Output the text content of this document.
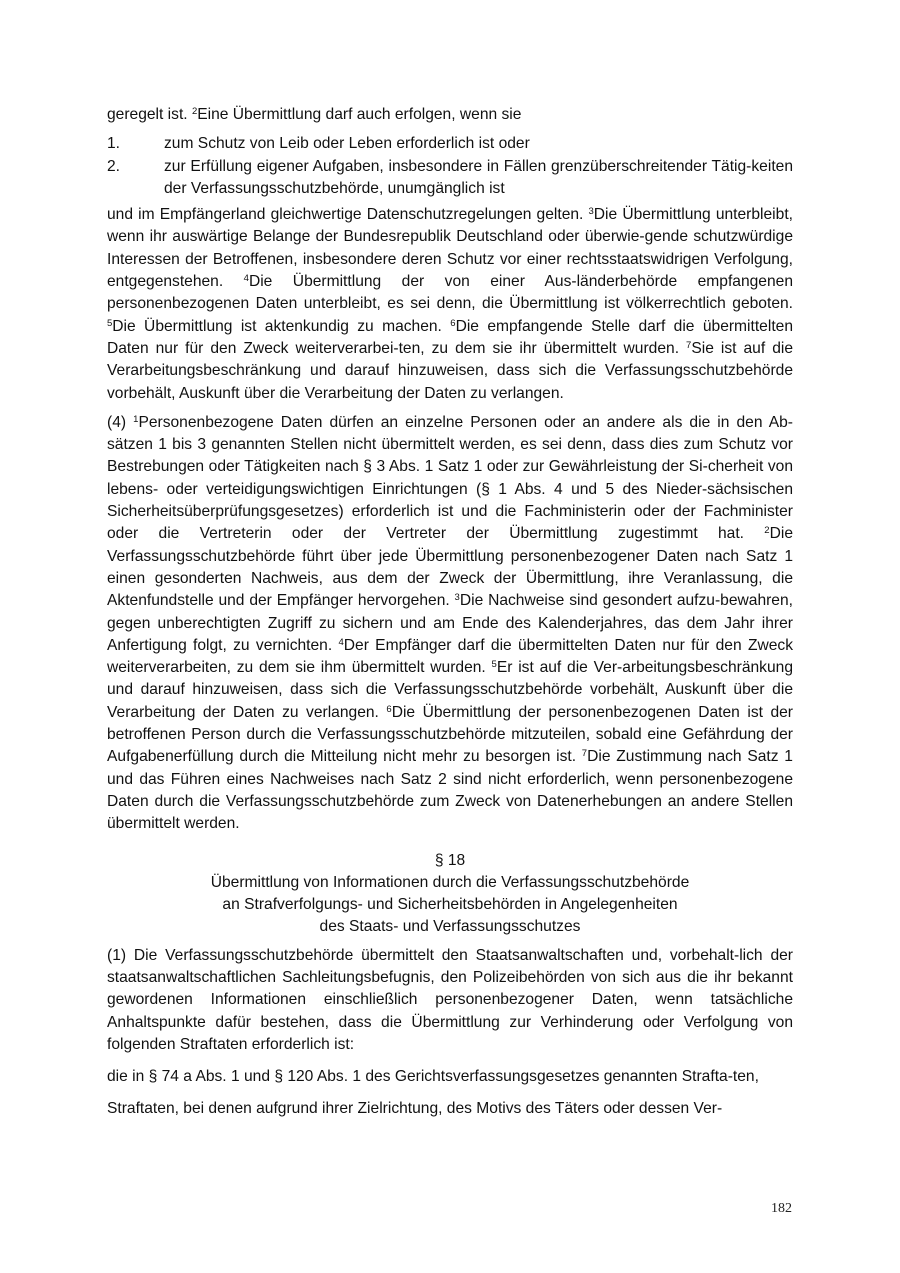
geregelt ist. $^2$Eine Übermittlung darf auch erfolgen, wenn sie

1.	zum Schutz von Leib oder Leben erforderlich ist oder
2.	zur Erfüllung eigener Aufgaben, insbesondere in Fällen grenzüberschreitender Tätig-keiten der Verfassungsschutzbehörde, unumgänglich ist

und im Empfängerland gleichwertige Datenschutzregelungen gelten. $^3$Die Übermittlung unterbleibt, wenn ihr auswärtige Belange der Bundesrepublik Deutschland oder überwie-gende schutzwürdige Interessen der Betroffenen, insbesondere deren Schutz vor einer rechtsstaatswidrigen Verfolgung, entgegenstehen. $^4$Die Übermittlung der von einer Aus-länderbehörde empfangenen personenbezogenen Daten unterbleibt, es sei denn, die Übermittlung ist völkerrechtlich geboten. $^5$Die Übermittlung ist aktenkundig zu machen. $^6$Die empfangende Stelle darf die übermittelten Daten nur für den Zweck weiterverarbei-ten, zu dem sie ihr übermittelt wurden. $^7$Sie ist auf die Verarbeitungsbeschränkung und darauf hinzuweisen, dass sich die Verfassungsschutzbehörde vorbehält, Auskunft über die Verarbeitung der Daten zu verlangen.

(4) $^1$Personenbezogene Daten dürfen an einzelne Personen oder an andere als die in den Ab-sätzen 1 bis 3 genannten Stellen nicht übermittelt werden, es sei denn, dass dies zum Schutz vor Bestrebungen oder Tätigkeiten nach § 3 Abs. 1 Satz 1 oder zur Gewährleistung der Si-cherheit von lebens- oder verteidigungswichtigen Einrichtungen (§ 1 Abs. 4 und 5 des Nieder-sächsischen Sicherheitsüberprüfungsgesetzes) erforderlich ist und die Fachministerin oder der Fachminister oder die Vertreterin oder der Vertreter der Übermittlung zugestimmt hat. $^2$Die Verfassungsschutzbehörde führt über jede Übermittlung personenbezogener Daten nach Satz 1 einen gesonderten Nachweis, aus dem der Zweck der Übermittlung, ihre Veranlassung, die Aktenfundstelle und der Empfänger hervorgehen. $^3$Die Nachweise sind gesondert aufzu-bewahren, gegen unberechtigten Zugriff zu sichern und am Ende des Kalenderjahres, das dem Jahr ihrer Anfertigung folgt, zu vernichten. $^4$Der Empfänger darf die übermittelten Daten nur für den Zweck weiterverarbeiten, zu dem sie ihm übermittelt wurden. $^5$Er ist auf die Ver-arbeitungsbeschränkung und darauf hinzuweisen, dass sich die Verfassungsschutzbehörde vorbehält, Auskunft über die Verarbeitung der Daten zu verlangen. $^6$Die Übermittlung der personenbezogenen Daten ist der betroffenen Person durch die Verfassungsschutzbehörde mitzuteilen, sobald eine Gefährdung der Aufgabenerfüllung durch die Mitteilung nicht mehr zu besorgen ist. $^7$Die Zustimmung nach Satz 1 und das Führen eines Nachweises nach Satz 2 sind nicht erforderlich, wenn personenbezogene Daten durch die Verfassungsschutzbehörde zum Zweck von Datenerhebungen an andere Stellen übermittelt werden.

§ 18
Übermittlung von Informationen durch die Verfassungsschutzbehörde
an Strafverfolgungs- und Sicherheitsbehörden in Angelegenheiten
des Staats- und Verfassungsschutzes

(1) Die Verfassungsschutzbehörde übermittelt den Staatsanwaltschaften und, vorbehalt-lich der staatsanwaltschaftlichen Sachleitungsbefugnis, den Polizeibehörden von sich aus die ihr bekannt gewordenen Informationen einschließlich personenbezogener Daten, wenn tatsächliche Anhaltspunkte dafür bestehen, dass die Übermittlung zur Verhinderung oder Verfolgung von folgenden Straftaten erforderlich ist:

die in § 74 a Abs. 1 und § 120 Abs. 1 des Gerichtsverfassungsgesetzes genannten Strafta-ten,

Straftaten, bei denen aufgrund ihrer Zielrichtung, des Motivs des Täters oder dessen Ver-

182
